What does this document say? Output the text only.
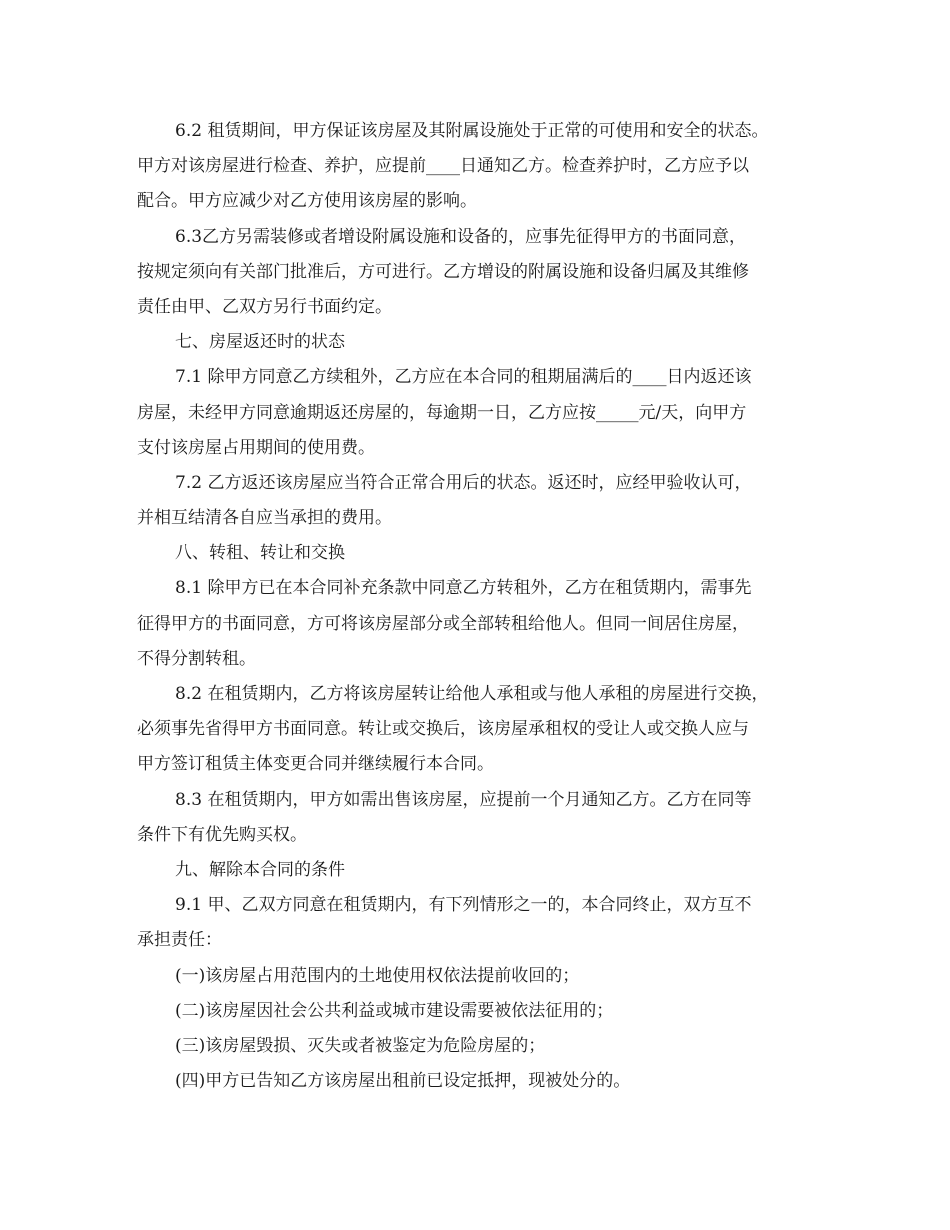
6.2 租赁期间，甲方保证该房屋及其附属设施处于正常的可使用和安全的状态。
甲方对该房屋进行检查、养护，应提前____日通知乙方。检查养护时，乙方应予以
配合。甲方应减少对乙方使用该房屋的影响。
6.3乙方另需装修或者增设附属设施和设备的，应事先征得甲方的书面同意，
按规定须向有关部门批准后，方可进行。乙方增设的附属设施和设备归属及其维修
责任由甲、乙双方另行书面约定。
七、房屋返还时的状态
7.1 除甲方同意乙方续租外，乙方应在本合同的租期届满后的____日内返还该
房屋，未经甲方同意逾期返还房屋的，每逾期一日，乙方应按_____元/天，向甲方
支付该房屋占用期间的使用费。
7.2 乙方返还该房屋应当符合正常合用后的状态。返还时，应经甲验收认可，
并相互结清各自应当承担的费用。
八、转租、转让和交换
8.1 除甲方已在本合同补充条款中同意乙方转租外，乙方在租赁期内，需事先
征得甲方的书面同意，方可将该房屋部分或全部转租给他人。但同一间居住房屋，
不得分割转租。
8.2 在租赁期内，乙方将该房屋转让给他人承租或与他人承租的房屋进行交换，
必须事先省得甲方书面同意。转让或交换后，该房屋承租权的受让人或交换人应与
甲方签订租赁主体变更合同并继续履行本合同。
8.3 在租赁期内，甲方如需出售该房屋，应提前一个月通知乙方。乙方在同等
条件下有优先购买权。
九、解除本合同的条件
9.1 甲、乙双方同意在租赁期内，有下列情形之一的，本合同终止，双方互不
承担责任：
(一)该房屋占用范围内的土地使用权依法提前收回的；
(二)该房屋因社会公共利益或城市建设需要被依法征用的；
(三)该房屋毁损、灭失或者被鉴定为危险房屋的；
(四)甲方已告知乙方该房屋出租前已设定抵押，现被处分的。
